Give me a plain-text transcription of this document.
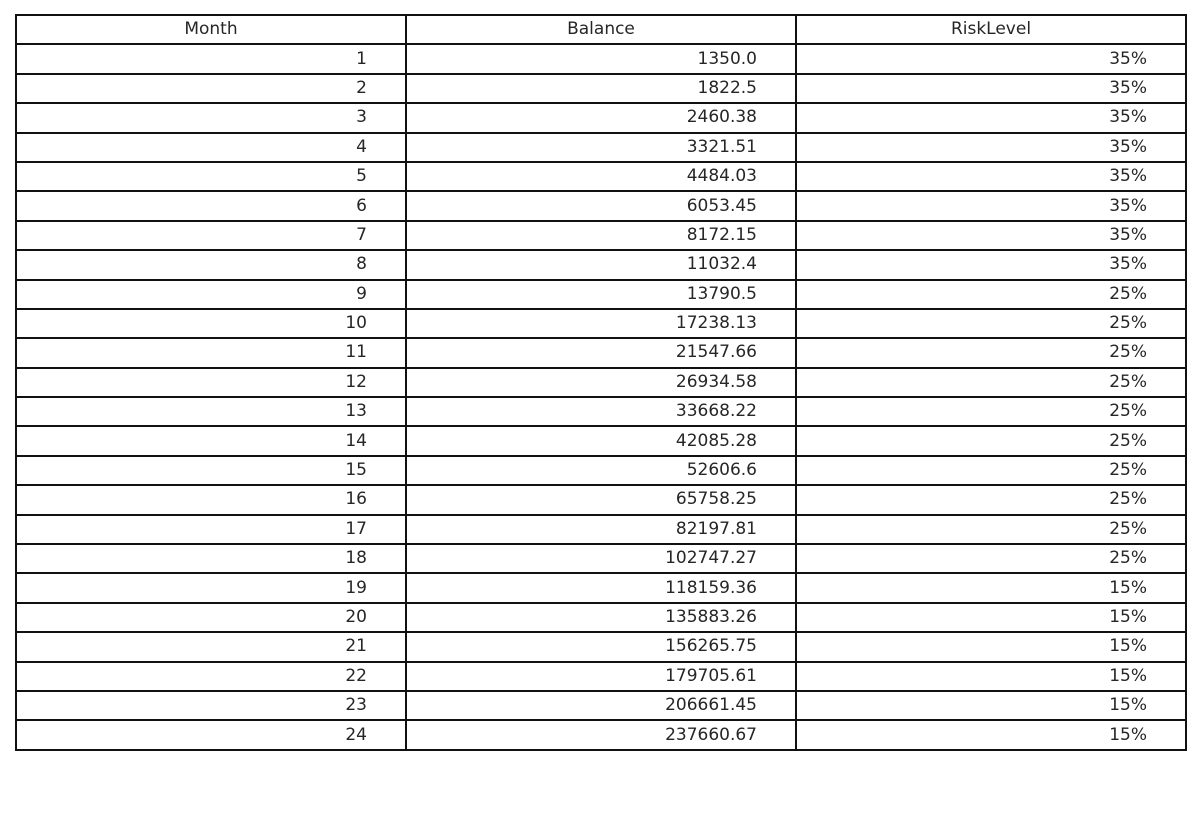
Month	Balance	RiskLevel
1	1350.0	35%
2	1822.5	35%
3	2460.38	35%
4	3321.51	35%
5	4484.03	35%
6	6053.45	35%
7	8172.15	35%
8	11032.4	35%
9	13790.5	25%
10	17238.13	25%
11	21547.66	25%
12	26934.58	25%
13	33668.22	25%
14	42085.28	25%
15	52606.6	25%
16	65758.25	25%
17	82197.81	25%
18	102747.27	25%
19	118159.36	15%
20	135883.26	15%
21	156265.75	15%
22	179705.61	15%
23	206661.45	15%
24	237660.67	15%
